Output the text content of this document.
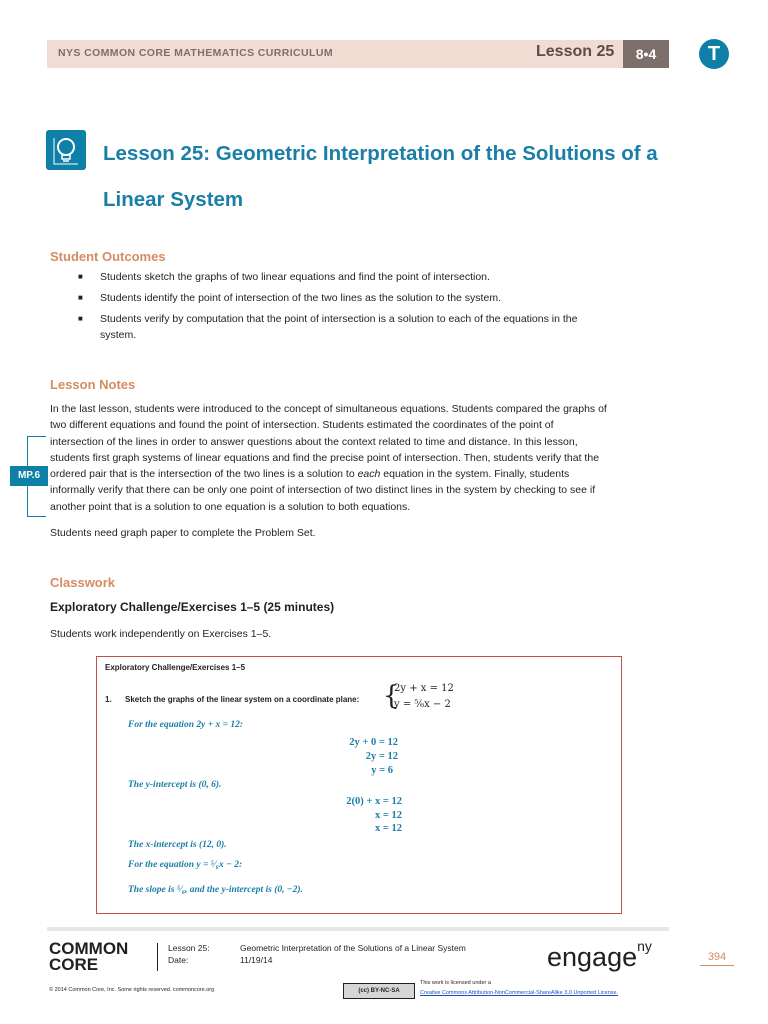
NYS COMMON CORE MATHEMATICS CURRICULUM	Lesson 25	8•4	T
Lesson 25: Geometric Interpretation of the Solutions of a
Linear System
Student Outcomes
■ Students sketch the graphs of two linear equations and find the point of intersection.
■ Students identify the point of intersection of the two lines as the solution to the system.
■ Students verify by computation that the point of intersection is a solution to each of the equations in the
system.
Lesson Notes
MP.6
In the last lesson, students were introduced to the concept of simultaneous equations. Students compared the graphs of
two different equations and found the point of intersection. Students estimated the coordinates of the point of
intersection of the lines in order to answer questions about the context related to time and distance. In this lesson,
students first graph systems of linear equations and find the precise point of intersection. Then, students verify that the
ordered pair that is the intersection of the two lines is a solution to each equation in the system. Finally, students
informally verify that there can be only one point of intersection of two distinct lines in the system by checking to see if
another point that is a solution to one equation is a solution to both equations.
Students need graph paper to complete the Problem Set.
Classwork
Exploratory Challenge/Exercises 1–5 (25 minutes)
Students work independently on Exercises 1–5.
Exploratory Challenge/Exercises 1–5
1. Sketch the graphs of the linear system on a coordinate plane: {
2y + x = 12
y = ⁵⁄₆x − 2
For the equation 2y + x = 12:
2y + 0 = 12
2y = 12
y = 6
The y-intercept is (0, 6).
2(0) + x = 12
x = 12
x = 12
The x-intercept is (12, 0).
For the equation y = ⁵⁄₆x − 2:
The slope is ⁵⁄₆, and the y-intercept is (0, −2).
COMMON
CORE
Lesson 25:
Date:
Geometric Interpretation of the Solutions of a Linear System
11/19/14	engage$^{ny}$
394
© 2014 Common Core, Inc. Some rights reserved. commoncore.org	(cc) BY-NC-SA
This work is licensed under a
Creative Commons Attribution-NonCommercial-ShareAlike 3.0 Unported License.
